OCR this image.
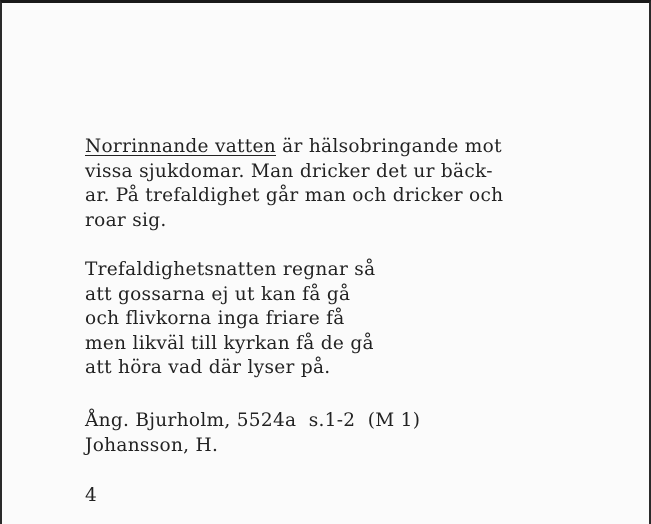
Norrinnande vatten är hälsobringande mot
vissa sjukdomar. Man dricker det ur bäck-
ar. På trefaldighet går man och dricker och
roar sig.

Trefaldighetsnatten regnar så
att gossarna ej ut kan få gå
och flivkorna inga friare få
men likväl till kyrkan få de gå
att höra vad där lyser på.

Ång. Bjurholm, 5524a  s.1-2  (M 1)
Johansson, H.

4
